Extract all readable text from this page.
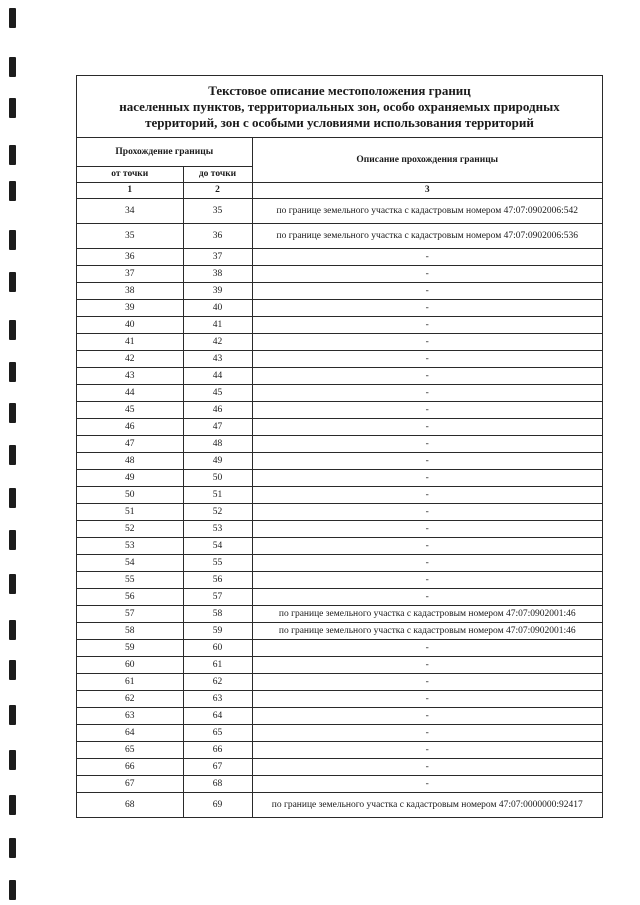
Текстовое описание местоположения границ
населенных пунктов, территориальных зон, особо охраняемых природных
территорий, зон с особыми условиями использования территорий
Прохождение границы		Описание прохождения границы
от точки	до точки	
1	2	3
34	35	по границе земельного участка с кадастровым номером 47:07:0902006:542
35	36	по границе земельного участка с кадастровым номером 47:07:0902006:536
36	37	-
37	38	-
38	39	-
39	40	-
40	41	-
41	42	-
42	43	-
43	44	-
44	45	-
45	46	-
46	47	-
47	48	-
48	49	-
49	50	-
50	51	-
51	52	-
52	53	-
53	54	-
54	55	-
55	56	-
56	57	-
57	58	по границе земельного участка с кадастровым номером 47:07:0902001:46
58	59	по границе земельного участка с кадастровым номером 47:07:0902001:46
59	60	-
60	61	-
61	62	-
62	63	-
63	64	-
64	65	-
65	66	-
66	67	-
67	68	-
68	69	по границе земельного участка с кадастровым номером 47:07:0000000:92417
